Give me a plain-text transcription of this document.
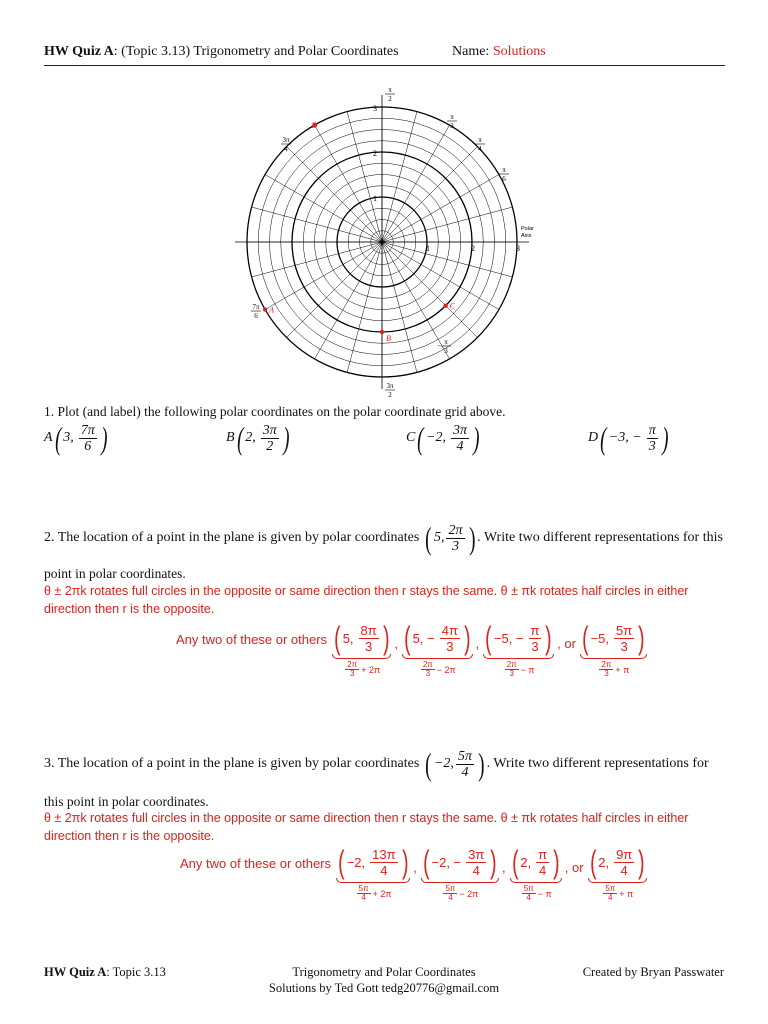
HW Quiz A: (Topic 3.13) Trigonometry and Polar Coordinates	Name: Solutions
1
2
3
1	2	3
Polar
Axis
π
2
π
3
π
4
π
6
3π
4
7π
6
− π
3
3π
2
A
B
C
D
1. Plot (and label) the following polar coordinates on the polar coordinate grid above.
A ( 3, $\frac{7\pi}{6}$ )	B ( 2, $\frac{3\pi}{2}$ )	C ( −2, $\frac{3\pi}{4}$ )	D ( −3, − $\frac{\pi}{3}$ )
2. The location of a point in the plane is given by polar coordinates ( 5, $\frac{2\pi}{3}$ ) . Write two different representations for this
point in polar coordinates.
θ ± 2πk rotates full circles in the opposite or same direction then r stays the same. θ ± πk rotates half circles in either
direction then r is the opposite.
Any two of these or others ( 5, $\frac{8\pi}{3}$ )
$\frac{2\pi}{3} + 2\pi$
, ( 5, − $\frac{4\pi}{3}$ )
$\frac{2\pi}{3} - 2\pi$
, ( −5, − $\frac{\pi}{3}$ )
$\frac{2\pi}{3} - \pi$
, or ( −5, $\frac{5\pi}{3}$ )
$\frac{2\pi}{3} + \pi$
3. The location of a point in the plane is given by polar coordinates ( −2, $\frac{5\pi}{4}$ ) . Write two different representations for
this point in polar coordinates.
θ ± 2πk rotates full circles in the opposite or same direction then r stays the same. θ ± πk rotates half circles in either
direction then r is the opposite.
Any two of these or others ( −2, $\frac{13\pi}{4}$ )
$\frac{5\pi}{4} + 2\pi$
, ( −2, − $\frac{3\pi}{4}$ )
$\frac{5\pi}{4} - 2\pi$
, ( 2, $\frac{\pi}{4}$ )
$\frac{5\pi}{4} - \pi$
, or ( 2, $\frac{9\pi}{4}$ )
$\frac{5\pi}{4} + \pi$
HW Quiz A: Topic 3.13	Trigonometry and Polar Coordinates
Solutions by Ted Gott tedg20776@gmail.com
Created by Bryan Passwater
